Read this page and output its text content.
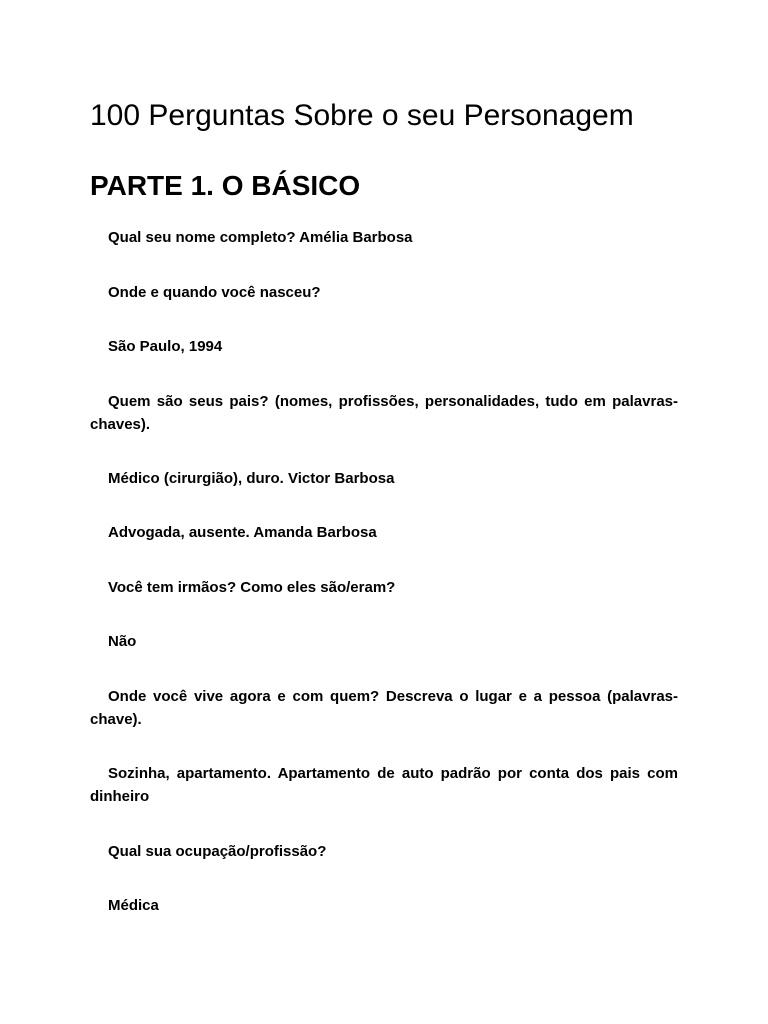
100 Perguntas Sobre o seu Personagem
PARTE 1. O BÁSICO

Qual seu nome completo? Amélia Barbosa

Onde e quando você nasceu?

São Paulo, 1994

Quem são seus pais? (nomes, profissões, personalidades, tudo em palavras-chaves).

Médico (cirurgião), duro. Victor Barbosa

Advogada, ausente. Amanda Barbosa

Você tem irmãos? Como eles são/eram?

Não

Onde você vive agora e com quem? Descreva o lugar e a pessoa (palavras-chave).

Sozinha, apartamento. Apartamento de auto padrão por conta dos pais com dinheiro

Qual sua ocupação/profissão?

Médica
